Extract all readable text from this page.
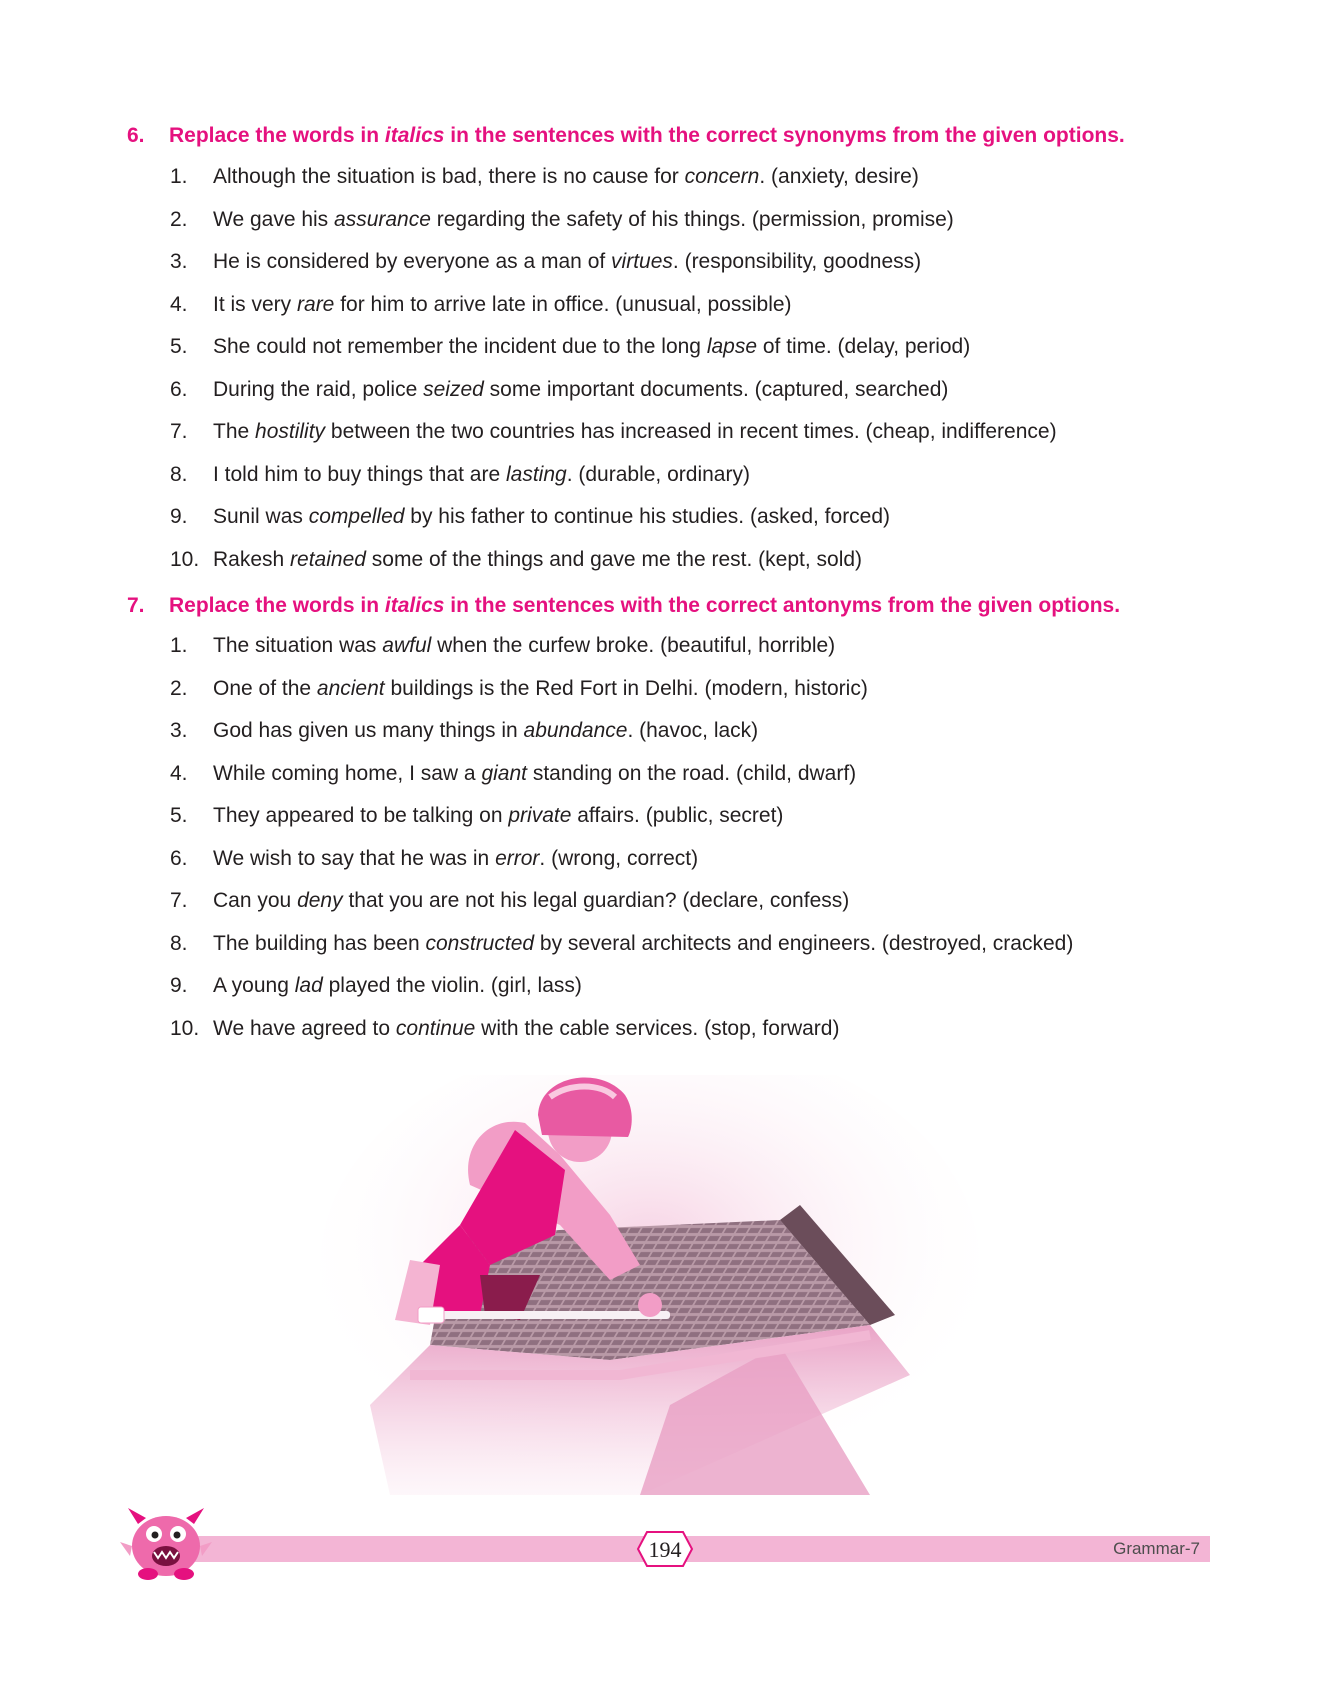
6. Replace the words in italics in the sentences with the correct synonyms from the given options.
1.	Although the situation is bad, there is no cause for concern. (anxiety, desire)
2.	We gave his assurance regarding the safety of his things. (permission, promise)
3.	He is considered by everyone as a man of virtues. (responsibility, goodness)
4.	It is very rare for him to arrive late in office. (unusual, possible)
5.	She could not remember the incident due to the long lapse of time. (delay, period)
6.	During the raid, police seized some important documents. (captured, searched)
7.	The hostility between the two countries has increased in recent times. (cheap, indifference)
8.	I told him to buy things that are lasting. (durable, ordinary)
9.	Sunil was compelled by his father to continue his studies. (asked, forced)
10. Rakesh retained some of the things and gave me the rest. (kept, sold)
7. Replace the words in italics in the sentences with the correct antonyms from the given options.
1.	The situation was awful when the curfew broke. (beautiful, horrible)
2.	One of the ancient buildings is the Red Fort in Delhi. (modern, historic)
3.	God has given us many things in abundance. (havoc, lack)
4.	While coming home, I saw a giant standing on the road. (child, dwarf)
5.	They appeared to be talking on private affairs. (public, secret)
6.	We wish to say that he was in error. (wrong, correct)
7.	Can you deny that you are not his legal guardian? (declare, confess)
8.	The building has been constructed by several architects and engineers. (destroyed, cracked)
9.	A young lad played the violin. (girl, lass)
10. We have agreed to continue with the cable services. (stop, forward)
194	Grammar-7
